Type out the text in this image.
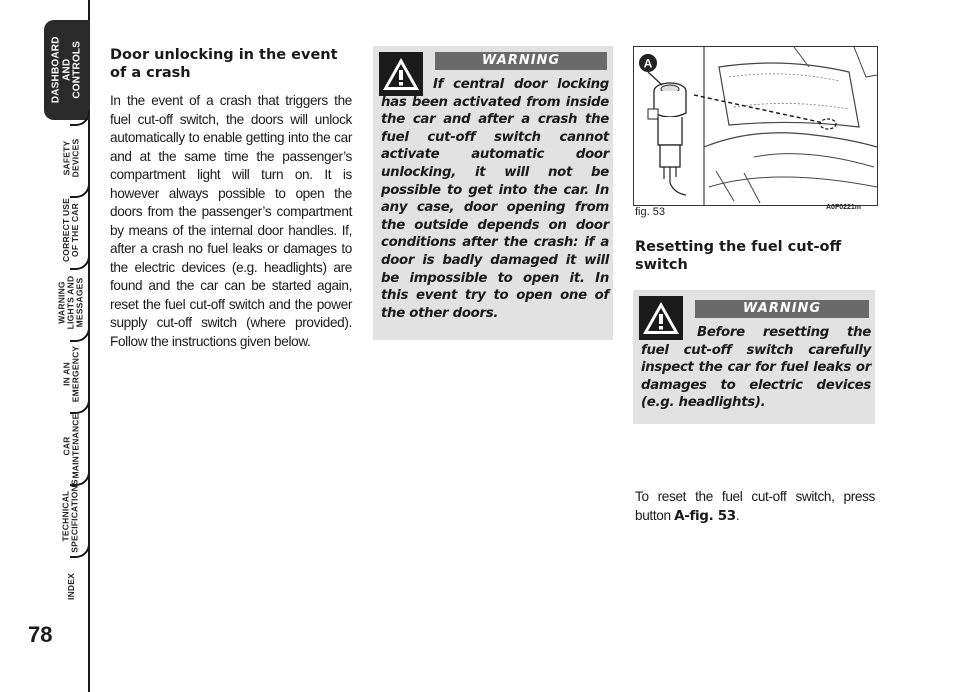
DASHBOARD
AND
CONTROLS
SAFETY
DEVICES
CORRECT USE
OF THE CAR
WARNING
LIGHTS AND
MESSAGES
IN AN
EMERGENCY
CAR
MAINTENANCE
TECHNICAL
SPECIFICATIONS
INDEX
78
Door unlocking in the event of a crash

In the event of a crash that triggers the fuel cut-off switch, the doors will unlock automatically to enable getting into the car and at the same time the passenger’s compartment light will turn on. It is however always possible to open the doors from the passenger’s compartment by means of the internal door handles. If, after a crash no fuel leaks or damages to the electric devices (e.g. headlights) are found and the car can be started again, reset the fuel cut-off switch and the power supply cut-off switch (where provided). Follow the instructions given below.

WARNING
If central door locking has been activated from inside the car and after a crash the fuel cut-off switch cannot activate automatic door unlocking, it will not be possible to get into the car. In any case, door opening from the outside depends on door conditions after the crash: if a door is badly damaged it will be impossible to open it. In this event try to open one of the other doors.
A
fig. 53	A0F0221m
Resetting the fuel cut-off switch
WARNING
Before resetting the fuel cut-off switch carefully inspect the car for fuel leaks or damages to electric devices (e.g. headlights).

To reset the fuel cut-off switch, press button A-fig. 53.
